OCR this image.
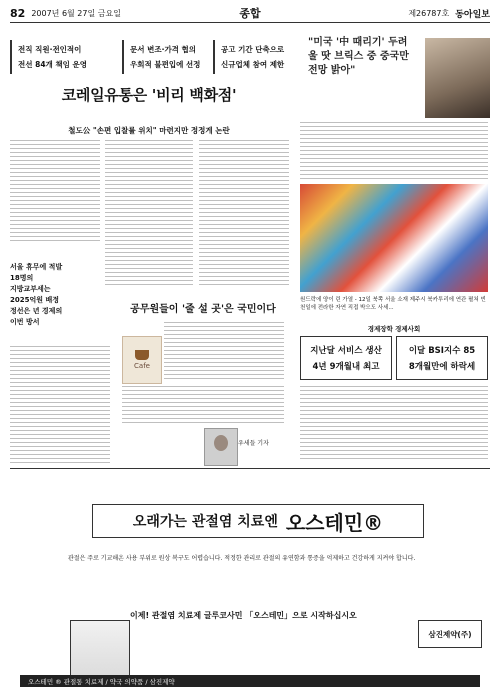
82 2007년 6월 27일 금요일	종합	제26787호 동아일보
전직 직원·전인적이
전선 84개 책임 운영
문서 변조·가격 협의
우회적 불편입에 선정
공고 기간 단축으로
신규업체 참여 제한
"미국 '中 때리기' 두려울 땃 브릭스 중 중국만 전망 밝아"
코레일유통은 '비리 백화점'
철도公 "손편 입찰률 위치" 마련지만 정정게 논란
서울 휴무에 적발 18명의
지방교부세는 2025억원 배정
정선은 년 경제의 이번 방서
원드락에 양이 린 가열 - 12일 북쪽 서울 소재 제주시 북카투리에 연관 펼쳐 빈 천일에 전라한 자연 직접 박으도 사세...
공무원들이 '줄 설 곳'은 국민이다
Cafe
우세들 기자
경제장학 경제사회
지난달 서비스 생산
4년 9개월내 최고
이달 BSI지수 85
8개월만에 하락세
오래가는 관절염 치료엔 오스테민®
관절은 주로 기교해온 사용 부위로 원상 복구도 어렵습니다. 적정한 관리로 관절의 유연함과 통증을 억제하고 건강하게 지켜야 합니다.
이제! 관절염 치료제 글루코사민 「오스테민」으로 시작하십시오
삼진제약(주)
오스테민 ® 관절통 치료제 / 약국 의약품 / 삼진제약
